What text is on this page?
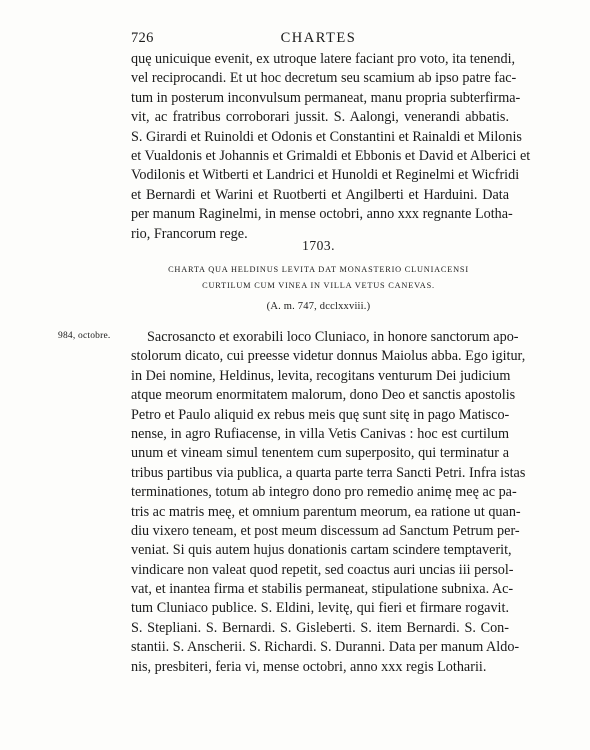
726	CHARTES
quę unicuique evenit, ex utroque latere faciant pro voto, ita tenendi,
vel reciprocandi. Et ut hoc decretum seu scamium ab ipso patre fac-
tum in posterum inconvulsum permaneat, manu propria subterfirma-
vit, ac fratribus corroborari jussit. S. Aalongi, venerandi abbatis.
S. Girardi et Ruinoldi et Odonis et Constantini et Rainaldi et Milonis
et Vualdonis et Johannis et Grimaldi et Ebbonis et David et Alberici et
Vodilonis et Witberti et Landrici et Hunoldi et Reginelmi et Wicfridi
et Bernardi et Warini et Ruotberti et Angilberti et Harduini. Data
per manum Raginelmi, in mense octobri, anno xxx regnante Lotha-
rio, Francorum rege.
1703.
CHARTA QUA HELDINUS LEVITA DAT MONASTERIO CLUNIACENSI
CURTILUM CUM VINEA IN VILLA VETUS CANEVAS.
(A. m. 747, dcclxxviii.)
984, octobre.	Sacrosancto et exorabili loco Cluniaco, in honore sanctorum apo-
stolorum dicato, cui preesse videtur donnus Maiolus abba. Ego igitur,
in Dei nomine, Heldinus, levita, recogitans venturum Dei judicium
atque meorum enormitatem malorum, dono Deo et sanctis apostolis
Petro et Paulo aliquid ex rebus meis quę sunt sitę in pago Matisco-
nense, in agro Rufiacense, in villa Vetis Canivas : hoc est curtilum
unum et vineam simul tenentem cum superposito, qui terminatur a
tribus partibus via publica, a quarta parte terra Sancti Petri. Infra istas
terminationes, totum ab integro dono pro remedio animę meę ac pa-
tris ac matris meę, et omnium parentum meorum, ea ratione ut quan-
diu vixero teneam, et post meum discessum ad Sanctum Petrum per-
veniat. Si quis autem hujus donationis cartam scindere temptaverit,
vindicare non valeat quod repetit, sed coactus auri uncias iii persol-
vat, et inantea firma et stabilis permaneat, stipulatione subnixa. Ac-
tum Cluniaco publice. S. Eldini, levitę, qui fieri et firmare rogavit.
S. Stepliani. S. Bernardi. S. Gisleberti. S. item Bernardi. S. Con-
stantii. S. Anscherii. S. Richardi. S. Duranni. Data per manum Aldo-
nis, presbiteri, feria vi, mense octobri, anno xxx regis Lotharii.
